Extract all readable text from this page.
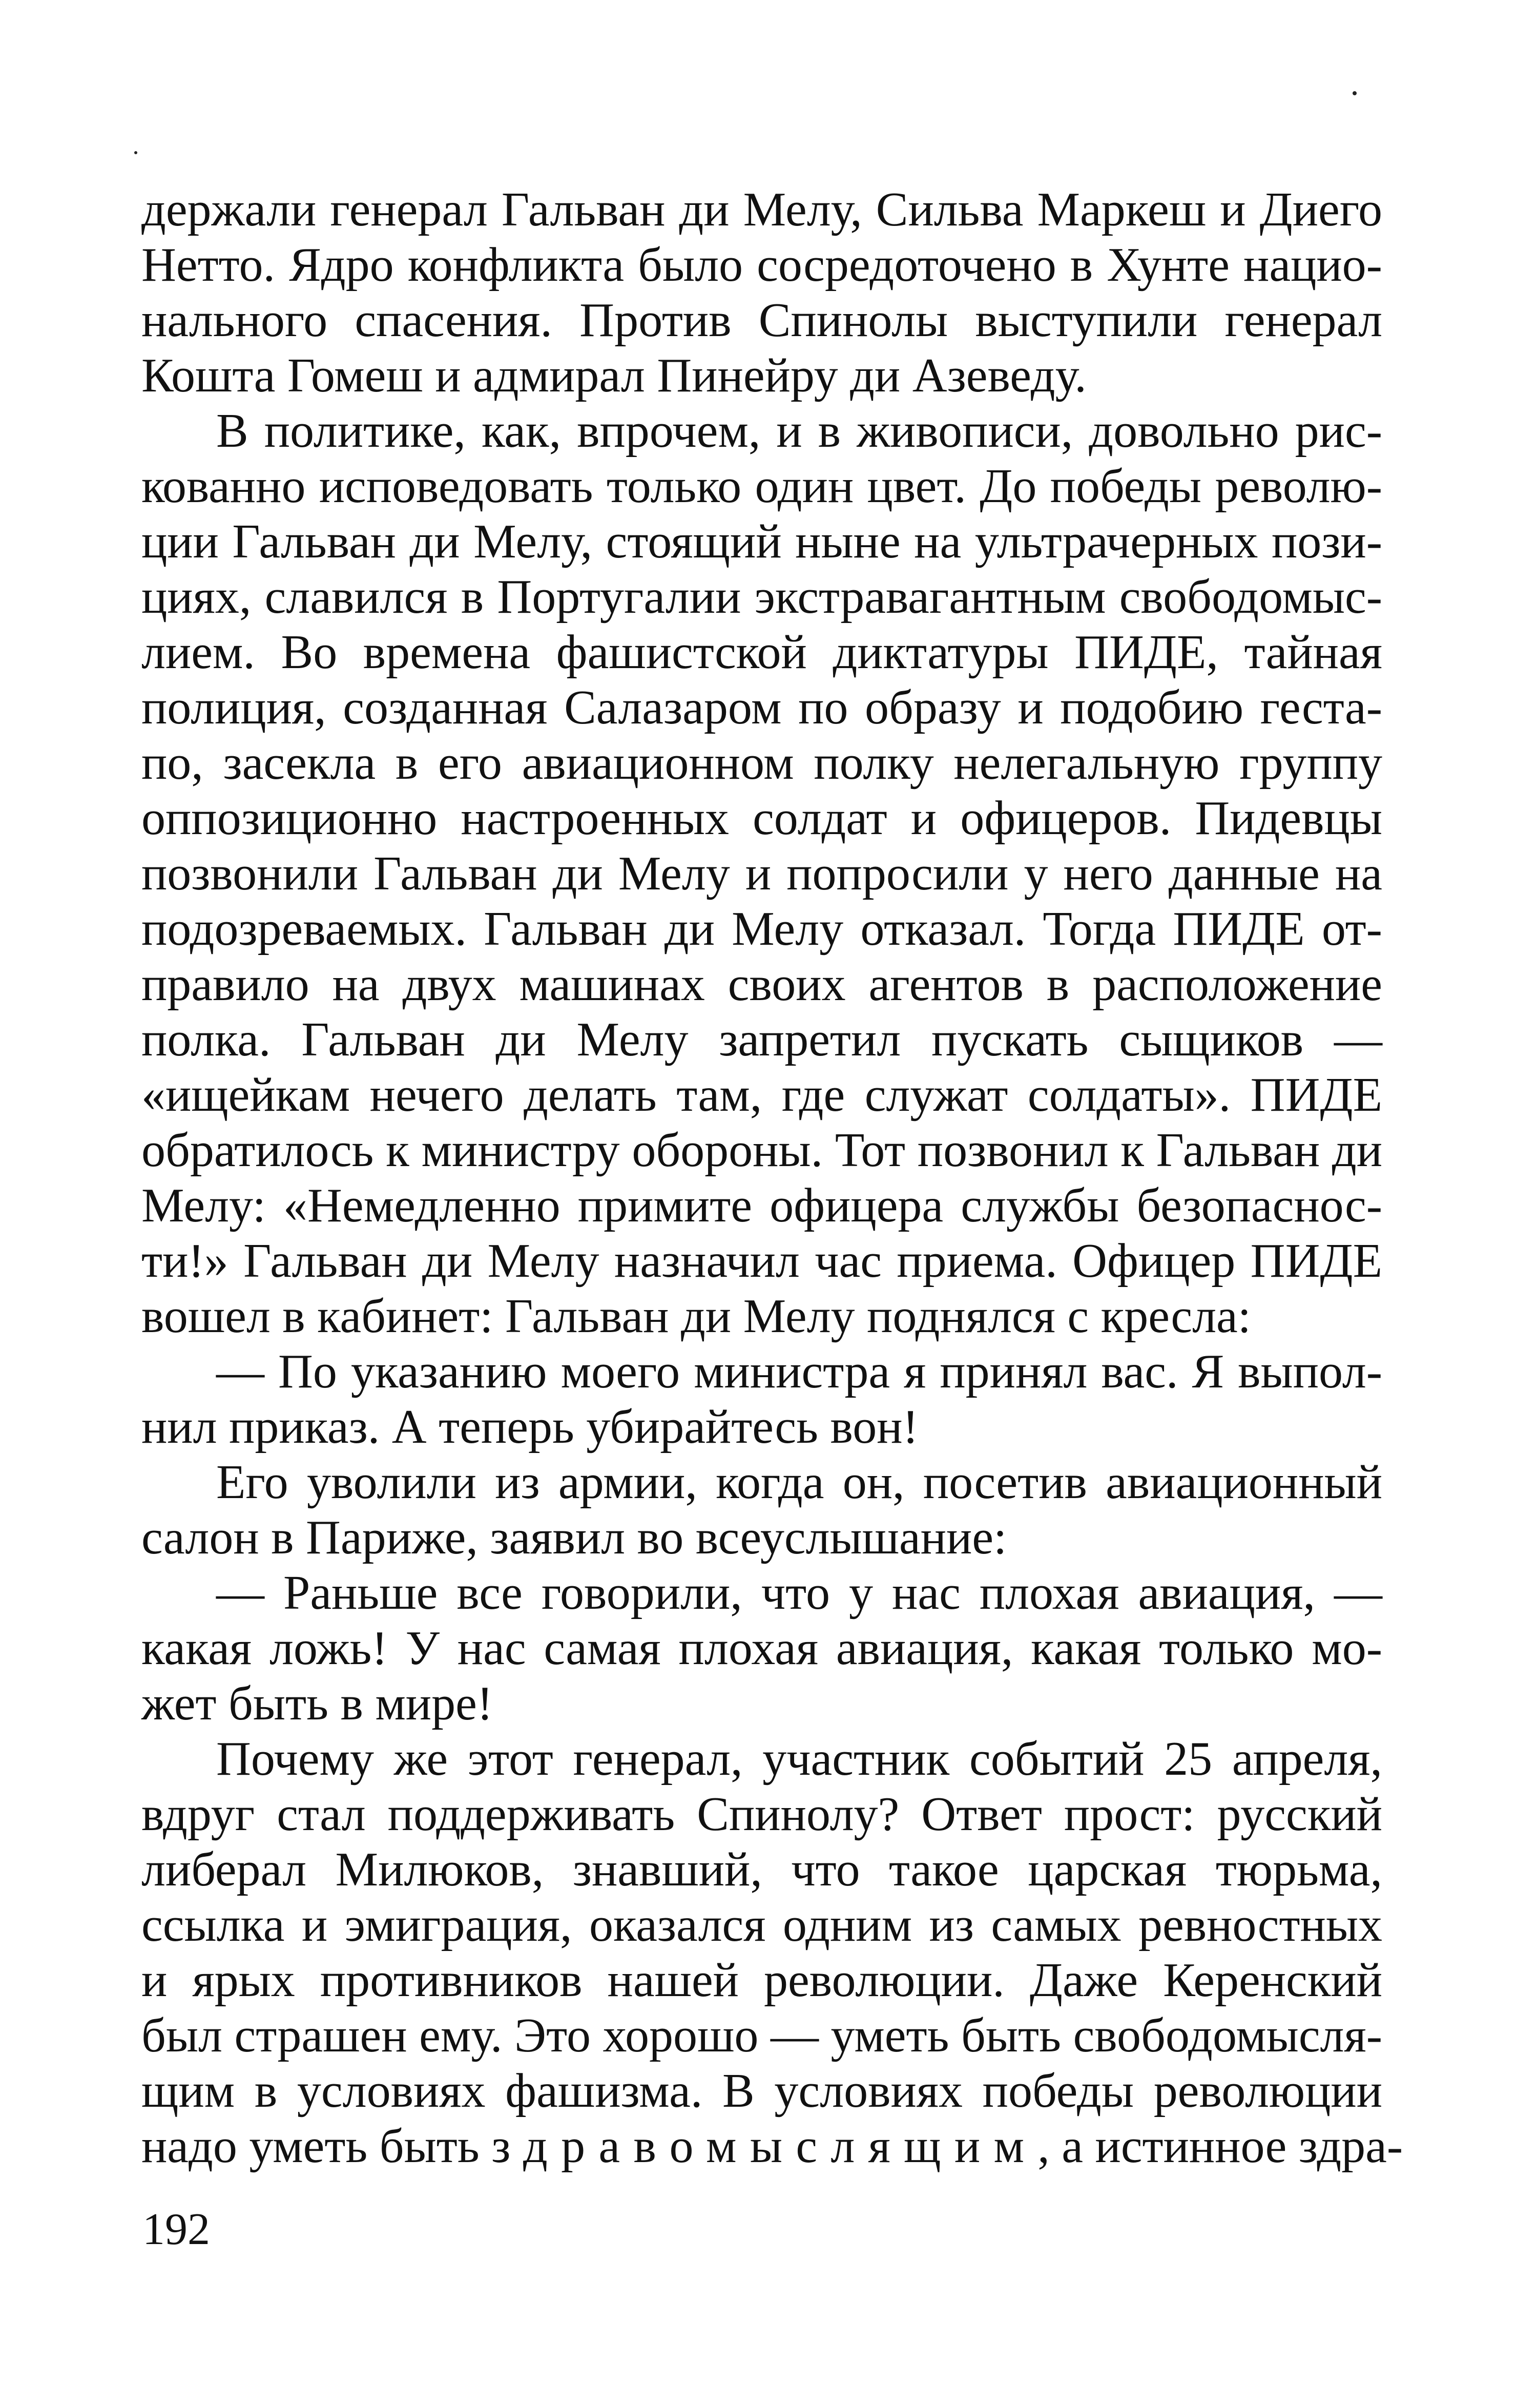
держали генерал Гальван ди Мелу, Сильва Маркеш и Диего
Нетто. Ядро конфликта было сосредоточено в Хунте нацио-
нального спасения. Против Спинолы выступили генерал
Кошта Гомеш и адмирал Пинейру ди Азеведу.
В политике, как, впрочем, и в живописи, довольно рис-
кованно исповедовать только один цвет. До победы револю-
ции Гальван ди Мелу, стоящий ныне на ультрачерных пози-
циях, славился в Португалии экстравагантным свободомыс-
лием. Во времена фашистской диктатуры ПИДЕ, тайная
полиция, созданная Салазаром по образу и подобию геста-
по, засекла в его авиационном полку нелегальную группу
оппозиционно настроенных солдат и офицеров. Пидевцы
позвонили Гальван ди Мелу и попросили у него данные на
подозреваемых. Гальван ди Мелу отказал. Тогда ПИДЕ от-
правило на двух машинах своих агентов в расположение
полка. Гальван ди Мелу запретил пускать сыщиков —
«ищейкам нечего делать там, где служат солдаты». ПИДЕ
обратилось к министру обороны. Тот позвонил к Гальван ди
Мелу: «Немедленно примите офицера службы безопаснос-
ти!» Гальван ди Мелу назначил час приема. Офицер ПИДЕ
вошел в кабинет: Гальван ди Мелу поднялся с кресла:
— По указанию моего министра я принял вас. Я выпол-
нил приказ. А теперь убирайтесь вон!
Его уволили из армии, когда он, посетив авиационный
салон в Париже, заявил во всеуслышание:
— Раньше все говорили, что у нас плохая авиация, —
какая ложь! У нас самая плохая авиация, какая только мо-
жет быть в мире!
Почему же этот генерал, участник событий 25 апреля,
вдруг стал поддерживать Спинолу? Ответ прост: русский
либерал Милюков, знавший, что такое царская тюрьма,
ссылка и эмиграция, оказался одним из самых ревностных
и ярых противников нашей революции. Даже Керенский
был страшен ему. Это хорошо — уметь быть свободомысля-
щим в условиях фашизма. В условиях победы революции
надо уметь быть здравомыслящим, а истинное здра-
192
